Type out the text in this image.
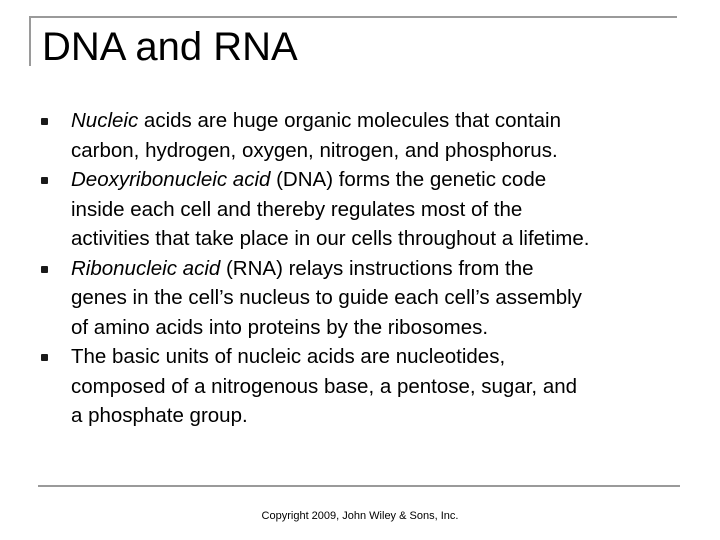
DNA and RNA
Nucleic acids are huge organic molecules that contain
carbon, hydrogen, oxygen, nitrogen, and phosphorus.
Deoxyribonucleic acid (DNA) forms the genetic code
inside each cell and thereby regulates most of the
activities that take place in our cells throughout a lifetime.
Ribonucleic acid (RNA) relays instructions from the
genes in the cell’s nucleus to guide each cell’s assembly
of amino acids into proteins by the ribosomes.
The basic units of nucleic acids are nucleotides,
composed of a nitrogenous base, a pentose, sugar, and
a phosphate group.
Copyright 2009, John Wiley & Sons, Inc.
